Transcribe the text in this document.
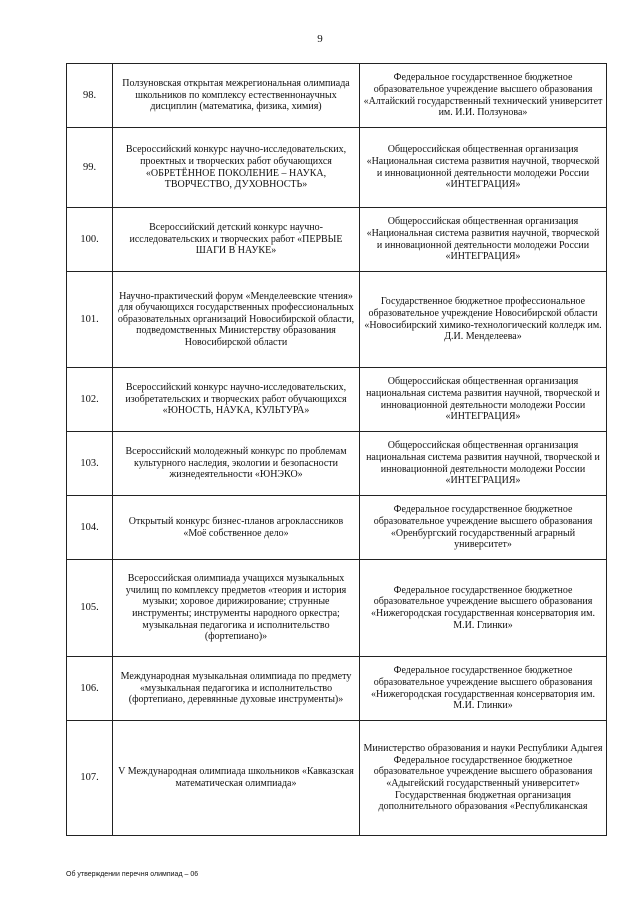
9
98.	Ползуновская открытая межрегиональная олимпиада школьников по комплексу естественнонаучных дисциплин (математика, физика, химия)	Федеральное государственное бюджетное образовательное учреждение высшего образования «Алтайский государственный технический университет им. И.И. Ползунова»
99.	Всероссийский конкурс научно-исследовательских, проектных и творческих работ обучающихся «ОБРЕТЁННОЕ ПОКОЛЕНИЕ – НАУКА, ТВОРЧЕСТВО, ДУХОВНОСТЬ»	Общероссийская общественная организация «Национальная система развития научной, творческой и инновационной деятельности молодежи России «ИНТЕГРАЦИЯ»
100.	Всероссийский детский конкурс научно-исследовательских и творческих работ «ПЕРВЫЕ ШАГИ В НАУКЕ»	Общероссийская общественная организация «Национальная система развития научной, творческой и инновационной деятельности молодежи России «ИНТЕГРАЦИЯ»
101.	Научно-практический форум «Менделеевские чтения» для обучающихся государственных профессиональных образовательных организаций Новосибирской области, подведомственных Министерству образования Новосибирской области	Государственное бюджетное профессиональное образовательное учреждение Новосибирской области «Новосибирский химико-технологический колледж им. Д.И. Менделеева»
102.	Всероссийский конкурс научно-исследовательских, изобретательских и творческих работ обучающихся «ЮНОСТЬ, НАУКА, КУЛЬТУРА»	Общероссийская общественная организация национальная система развития научной, творческой и инновационной деятельности молодежи России «ИНТЕГРАЦИЯ»
103.	Всероссийский молодежный конкурс по проблемам культурного наследия, экологии и безопасности жизнедеятельности «ЮНЭКО»	Общероссийская общественная организация национальная система развития научной, творческой и инновационной деятельности молодежи России «ИНТЕГРАЦИЯ»
104.	Открытый конкурс бизнес-планов агроклассников «Моё собственное дело»	Федеральное государственное бюджетное образовательное учреждение высшего образования «Оренбургский государственный аграрный университет»
105.	Всероссийская олимпиада учащихся музыкальных училищ по комплексу предметов «теория и история музыки; хоровое дирижирование; струнные инструменты; инструменты народного оркестра; музыкальная педагогика и исполнительство (фортепиано)»	Федеральное государственное бюджетное образовательное учреждение высшего образования «Нижегородская государственная консерватория им. М.И. Глинки»
106.	Международная музыкальная олимпиада по предмету «музыкальная педагогика и исполнительство (фортепиано, деревянные духовые инструменты)»	Федеральное государственное бюджетное образовательное учреждение высшего образования «Нижегородская государственная консерватория им. М.И. Глинки»
107.	V Международная олимпиада школьников «Кавказская математическая олимпиада»	Министерство образования и науки Республики Адыгея
Федеральное государственное бюджетное образовательное учреждение высшего образования «Адыгейский государственный университет»
Государственная бюджетная организация дополнительного образования «Республиканская
Об утверждении перечня олимпиад – 06
